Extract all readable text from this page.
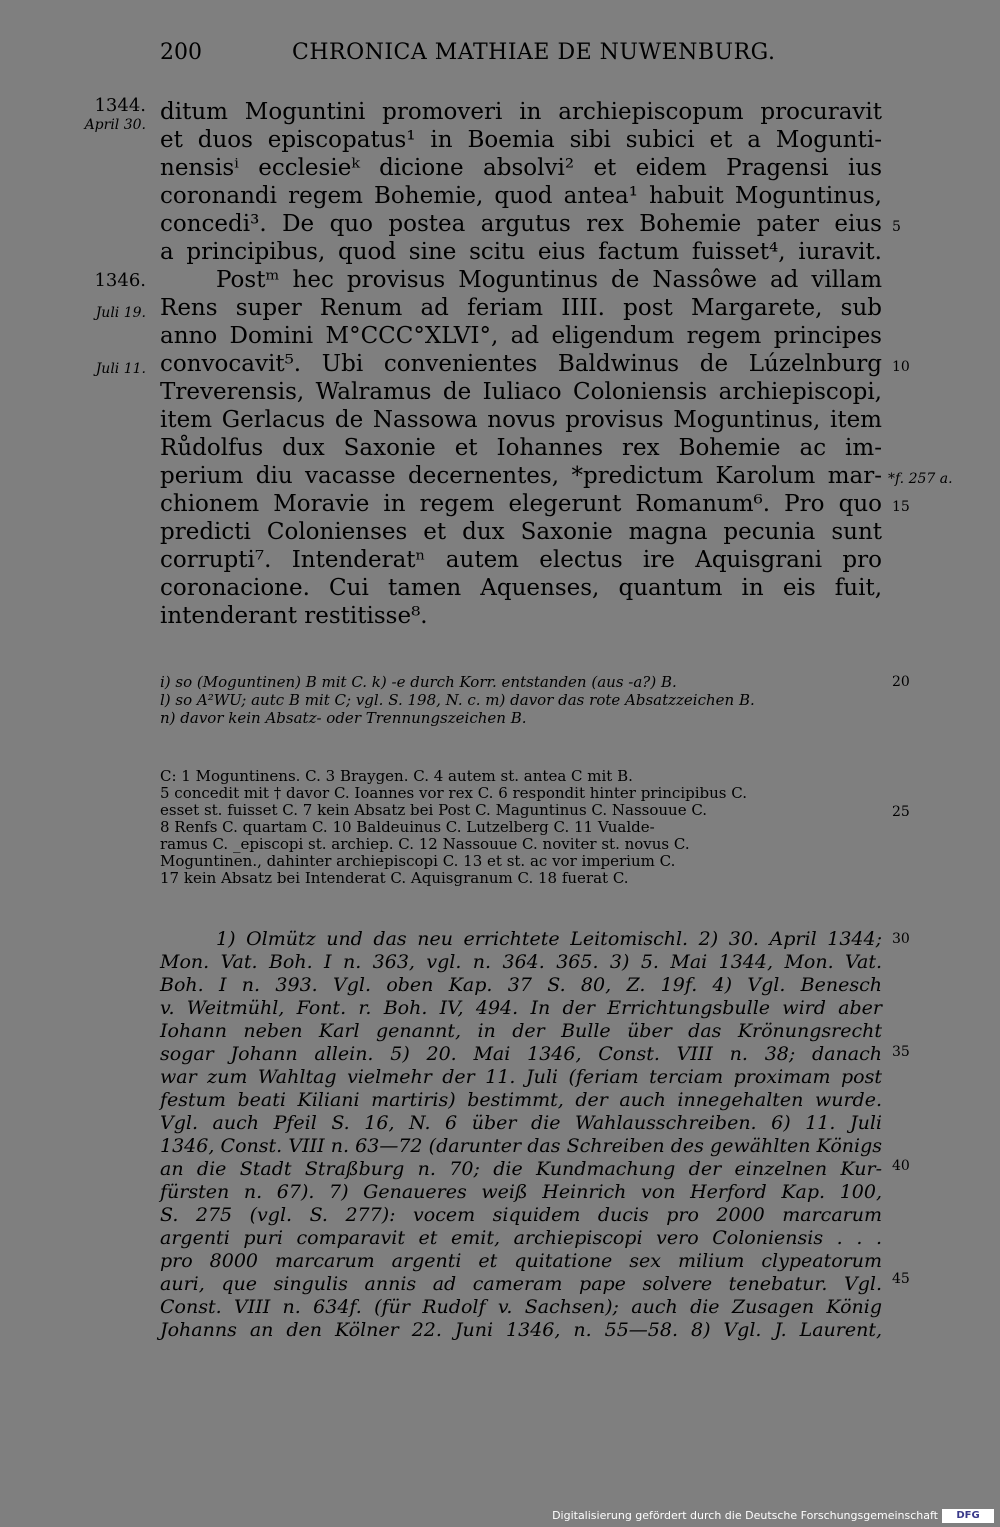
200	CHRONICA MATHIAE DE NUWENBURG.
ditum Moguntini promoveri in archiepiscopum procuravit
et duos episcopatus¹ in Boemia sibi subici et a Mogunti-
nensisⁱ ecclesieᵏ dicione absolvi² et eidem Pragensi ius
coronandi regem Bohemie, quod antea¹ habuit Moguntinus,
concedi³. De quo postea argutus rex Bohemie pater eius
a principibus, quod sine scitu eius factum fuisset⁴, iuravit.
Postᵐ hec provisus Moguntinus de Nassôwe ad villam
Rens super Renum ad feriam IIII. post Margarete, sub
anno Domini M°CCC°XLVI°, ad eligendum regem principes
convocavit⁵. Ubi convenientes Baldwinus de Lúzelnburg
Treverensis, Walramus de Iuliaco Coloniensis archiepiscopi,
item Gerlacus de Nassowa novus provisus Moguntinus, item
Růdolfus dux Saxonie et Iohannes rex Bohemie ac im-
perium diu vacasse decernentes, *predictum Karolum mar-
chionem Moravie in regem elegerunt Romanum⁶. Pro quo
predicti Colonienses et dux Saxonie magna pecunia sunt
corrupti⁷. Intenderatⁿ autem electus ire Aquisgrani pro
coronacione. Cui tamen Aquenses, quantum in eis fuit,
intenderant restitisse⁸.
1344.
April 30.
1346.
Juli 19.
Juli 11.
5
10
*f. 257 a.
15
20
25
30
35
40
45
i) so (Moguntinen) B mit C. k) -e durch Korr. entstanden (aus -a?) B.
l) so A²WU; autc B mit C; vgl. S. 198, N. c. m) davor das rote Absatzzeichen B.
n) davor kein Absatz- oder Trennungszeichen B.
C: 1 Moguntinens. C. 3 Braygen. C. 4 autem st. antea C mit B.
5 concedit mit † davor C. Ioannes vor rex C. 6 respondit hinter principibus C.
esset st. fuisset C. 7 kein Absatz bei Post C. Maguntinus C. Nassouue C.
8 Renfs C. quartam C. 10 Baldeuinus C. Lutzelberg C. 11 Vualde-
ramus C. _episcopi st. archiep. C. 12 Nassouue C. noviter st. novus C.
Moguntinen., dahinter archiepiscopi C. 13 et st. ac vor imperium C.
17 kein Absatz bei Intenderat C. Aquisgranum C. 18 fuerat C.
1) Olmütz und das neu errichtete Leitomischl. 2) 30. April 1344;
Mon. Vat. Boh. I n. 363, vgl. n. 364. 365. 3) 5. Mai 1344, Mon. Vat.
Boh. I n. 393. Vgl. oben Kap. 37 S. 80, Z. 19f. 4) Vgl. Benesch
v. Weitmühl, Font. r. Boh. IV, 494. In der Errichtungsbulle wird aber
Iohann neben Karl genannt, in der Bulle über das Krönungsrecht
sogar Johann allein. 5) 20. Mai 1346, Const. VIII n. 38; danach
war zum Wahltag vielmehr der 11. Juli (feriam terciam proximam post
festum beati Kiliani martiris) bestimmt, der auch innegehalten wurde.
Vgl. auch Pfeil S. 16, N. 6 über die Wahlausschreiben. 6) 11. Juli
1346, Const. VIII n. 63—72 (darunter das Schreiben des gewählten Königs
an die Stadt Straßburg n. 70; die Kundmachung der einzelnen Kur-
fürsten n. 67). 7) Genaueres weiß Heinrich von Herford Kap. 100,
S. 275 (vgl. S. 277): vocem siquidem ducis pro 2000 marcarum
argenti puri comparavit et emit, archiepiscopi vero Coloniensis . . .
pro 8000 marcarum argenti et quitatione sex milium clypeatorum
auri, que singulis annis ad cameram pape solvere tenebatur. Vgl.
Const. VIII n. 634f. (für Rudolf v. Sachsen); auch die Zusagen König
Johanns an den Kölner 22. Juni 1346, n. 55—58. 8) Vgl. J. Laurent,
Digitalisierung gefördert durch die Deutsche Forschungsgemeinschaft	DFG
